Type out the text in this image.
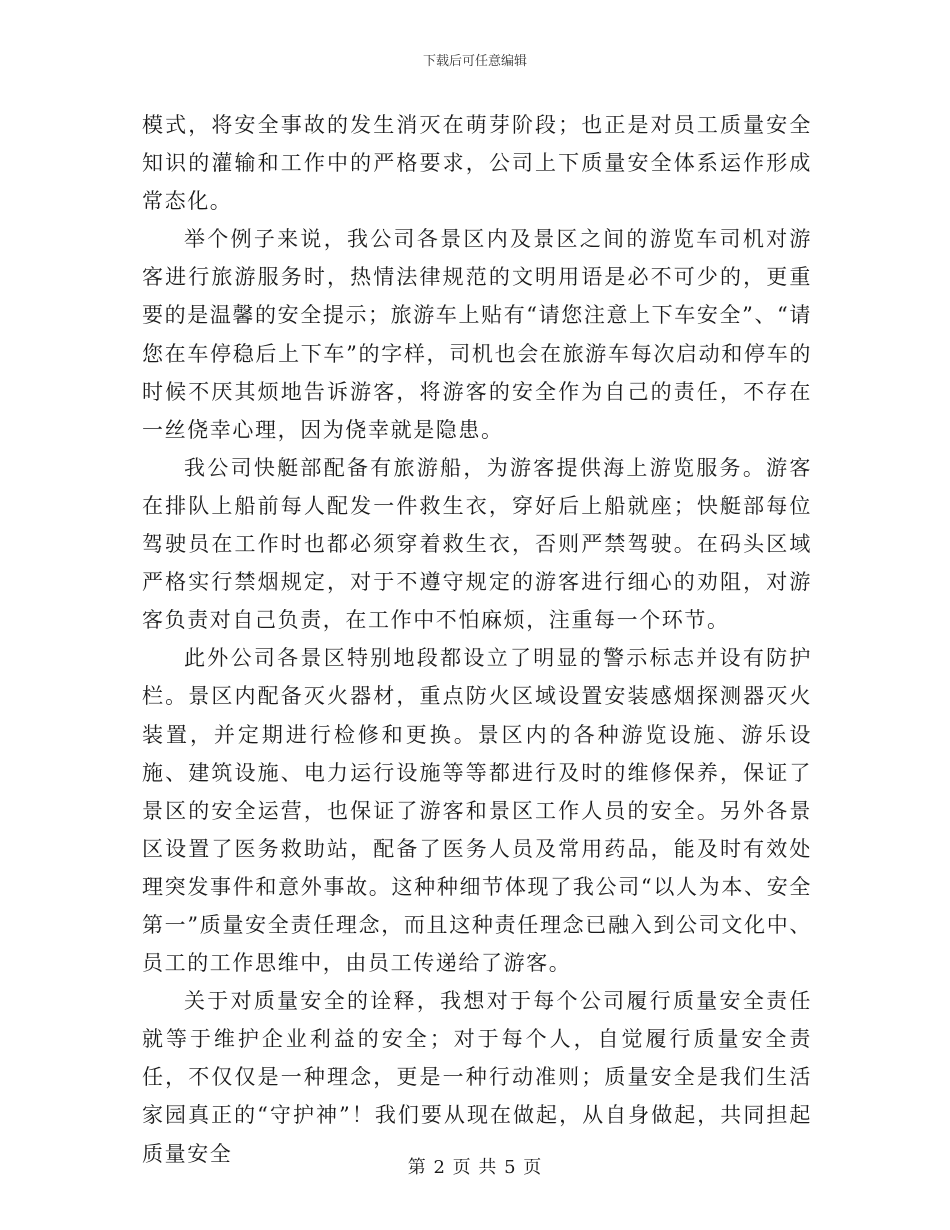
下载后可任意编辑

模式，将安全事故的发生消灭在萌芽阶段；也正是对员工质量安全知识的灌输和工作中的严格要求，公司上下质量安全体系运作形成常态化。

举个例子来说，我公司各景区内及景区之间的游览车司机对游客进行旅游服务时，热情法律规范的文明用语是必不可少的，更重要的是温馨的安全提示；旅游车上贴有“请您注意上下车安全”、“请您在车停稳后上下车”的字样，司机也会在旅游车每次启动和停车的时候不厌其烦地告诉游客，将游客的安全作为自己的责任，不存在一丝侥幸心理，因为侥幸就是隐患。

我公司快艇部配备有旅游船，为游客提供海上游览服务。游客在排队上船前每人配发一件救生衣，穿好后上船就座；快艇部每位驾驶员在工作时也都必须穿着救生衣，否则严禁驾驶。在码头区域严格实行禁烟规定，对于不遵守规定的游客进行细心的劝阻，对游客负责对自己负责，在工作中不怕麻烦，注重每一个环节。

此外公司各景区特别地段都设立了明显的警示标志并设有防护栏。景区内配备灭火器材，重点防火区域设置安装感烟探测器灭火装置，并定期进行检修和更换。景区内的各种游览设施、游乐设施、建筑设施、电力运行设施等等都进行及时的维修保养，保证了景区的安全运营，也保证了游客和景区工作人员的安全。另外各景区设置了医务救助站，配备了医务人员及常用药品，能及时有效处理突发事件和意外事故。这种种细节体现了我公司“以人为本、安全第一”质量安全责任理念，而且这种责任理念已融入到公司文化中、员工的工作思维中，由员工传递给了游客。

关于对质量安全的诠释，我想对于每个公司履行质量安全责任就等于维护企业利益的安全；对于每个人，自觉履行质量安全责任，不仅仅是一种理念，更是一种行动准则；质量安全是我们生活家园真正的“守护神”！我们要从现在做起，从自身做起，共同担起质量安全

第 2 页 共 5 页
